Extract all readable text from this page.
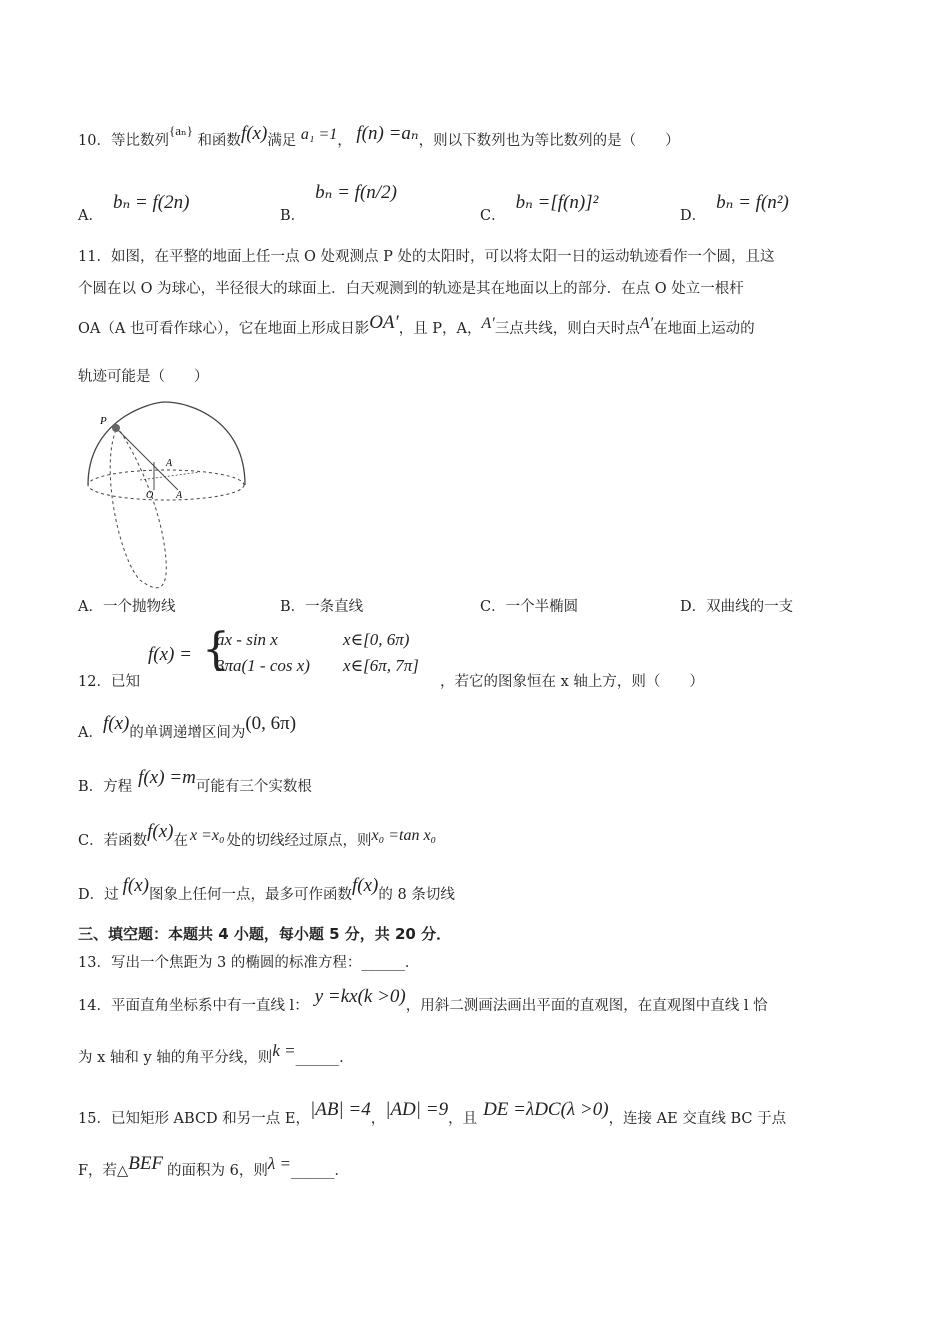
10．等比数列{aₙ} 和函数f(x)满足 a₁ =1， f(n) =aₙ，则以下数列也为等比数列的是（　　）
A．bₙ = f(2n)
B．bₙ = f(n/2)
C．bₙ =[f(n)]²
D．bₙ = f(n²)
11．如图，在平整的地面上任一点 O 处观测点 P 处的太阳时，可以将太阳一日的运动轨迹看作一个圆，且这
个圆在以 O 为球心，半径很大的球面上．白天观测到的轨迹是其在地面以上的部分．在点 O 处立一根杆
OA（A 也可看作球心），它在地面上形成日影OA′，且 P，A，A′三点共线，则白天时点A′在地面上运动的
轨迹可能是（　　）
P
A
O A
A．一个抛物线	B．一条直线	C．一个半椭圆	D．双曲线的一支
12．已知
f(x) = {
ax - sin x	x∈[0, 6π)
3πa(1 - cos x) x∈[6π, 7π]
，若它的图象恒在 x 轴上方，则（　　）
A．f(x)的单调递增区间为(0, 6π)
B．方程 f(x) =m可能有三个实数根
C．若函数f(x)在 x =x₀ 处的切线经过原点，则x₀ =tan x₀
D．过 f(x)图象上任何一点，最多可作函数f(x)的 8 条切线
三、填空题：本题共 4 小题，每小题 5 分，共 20 分．
13．写出一个焦距为 3 的椭圆的标准方程：______．
14．平面直角坐标系中有一直线 l： y =kx(k >0)，用斜二测画法画出平面的直观图，在直观图中直线 l 恰
为 x 轴和 y 轴的角平分线，则k =______．
15．已知矩形 ABCD 和另一点 E，|AB| =4，|AD| =9，且 DE =λDC(λ >0)，连接 AE 交直线 BC 于点
F，若△BEF 的面积为 6，则λ =______．
